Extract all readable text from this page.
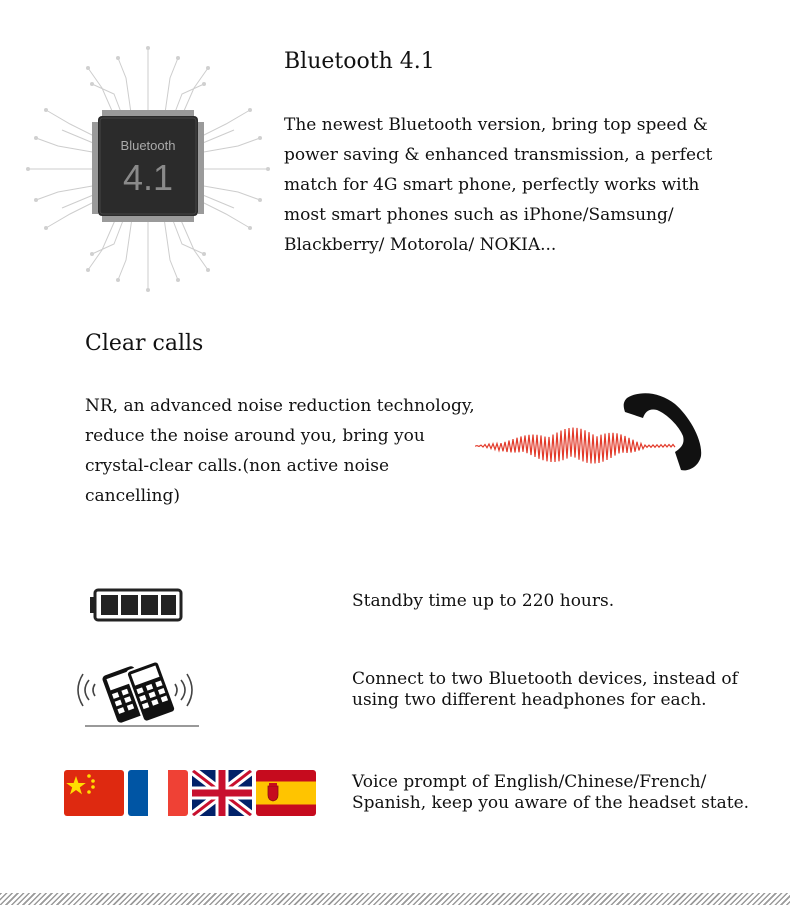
Bluetooth
4.1
Bluetooth 4.1
The newest Bluetooth version, bring top speed & power saving & enhanced transmission, a perfect match for 4G smart phone, perfectly works with most smart phones such as iPhone/Samsung/ Blackberry/ Motorola/ NOKIA...
Clear calls
NR, an advanced noise reduction technology, reduce the noise around you, bring you crystal-clear calls.(non active noise cancelling)
Standby time up to 220 hours.
Connect to two Bluetooth devices, instead of using two different headphones for each.
Voice prompt of English/Chinese/French/ Spanish, keep you aware of the headset state.
